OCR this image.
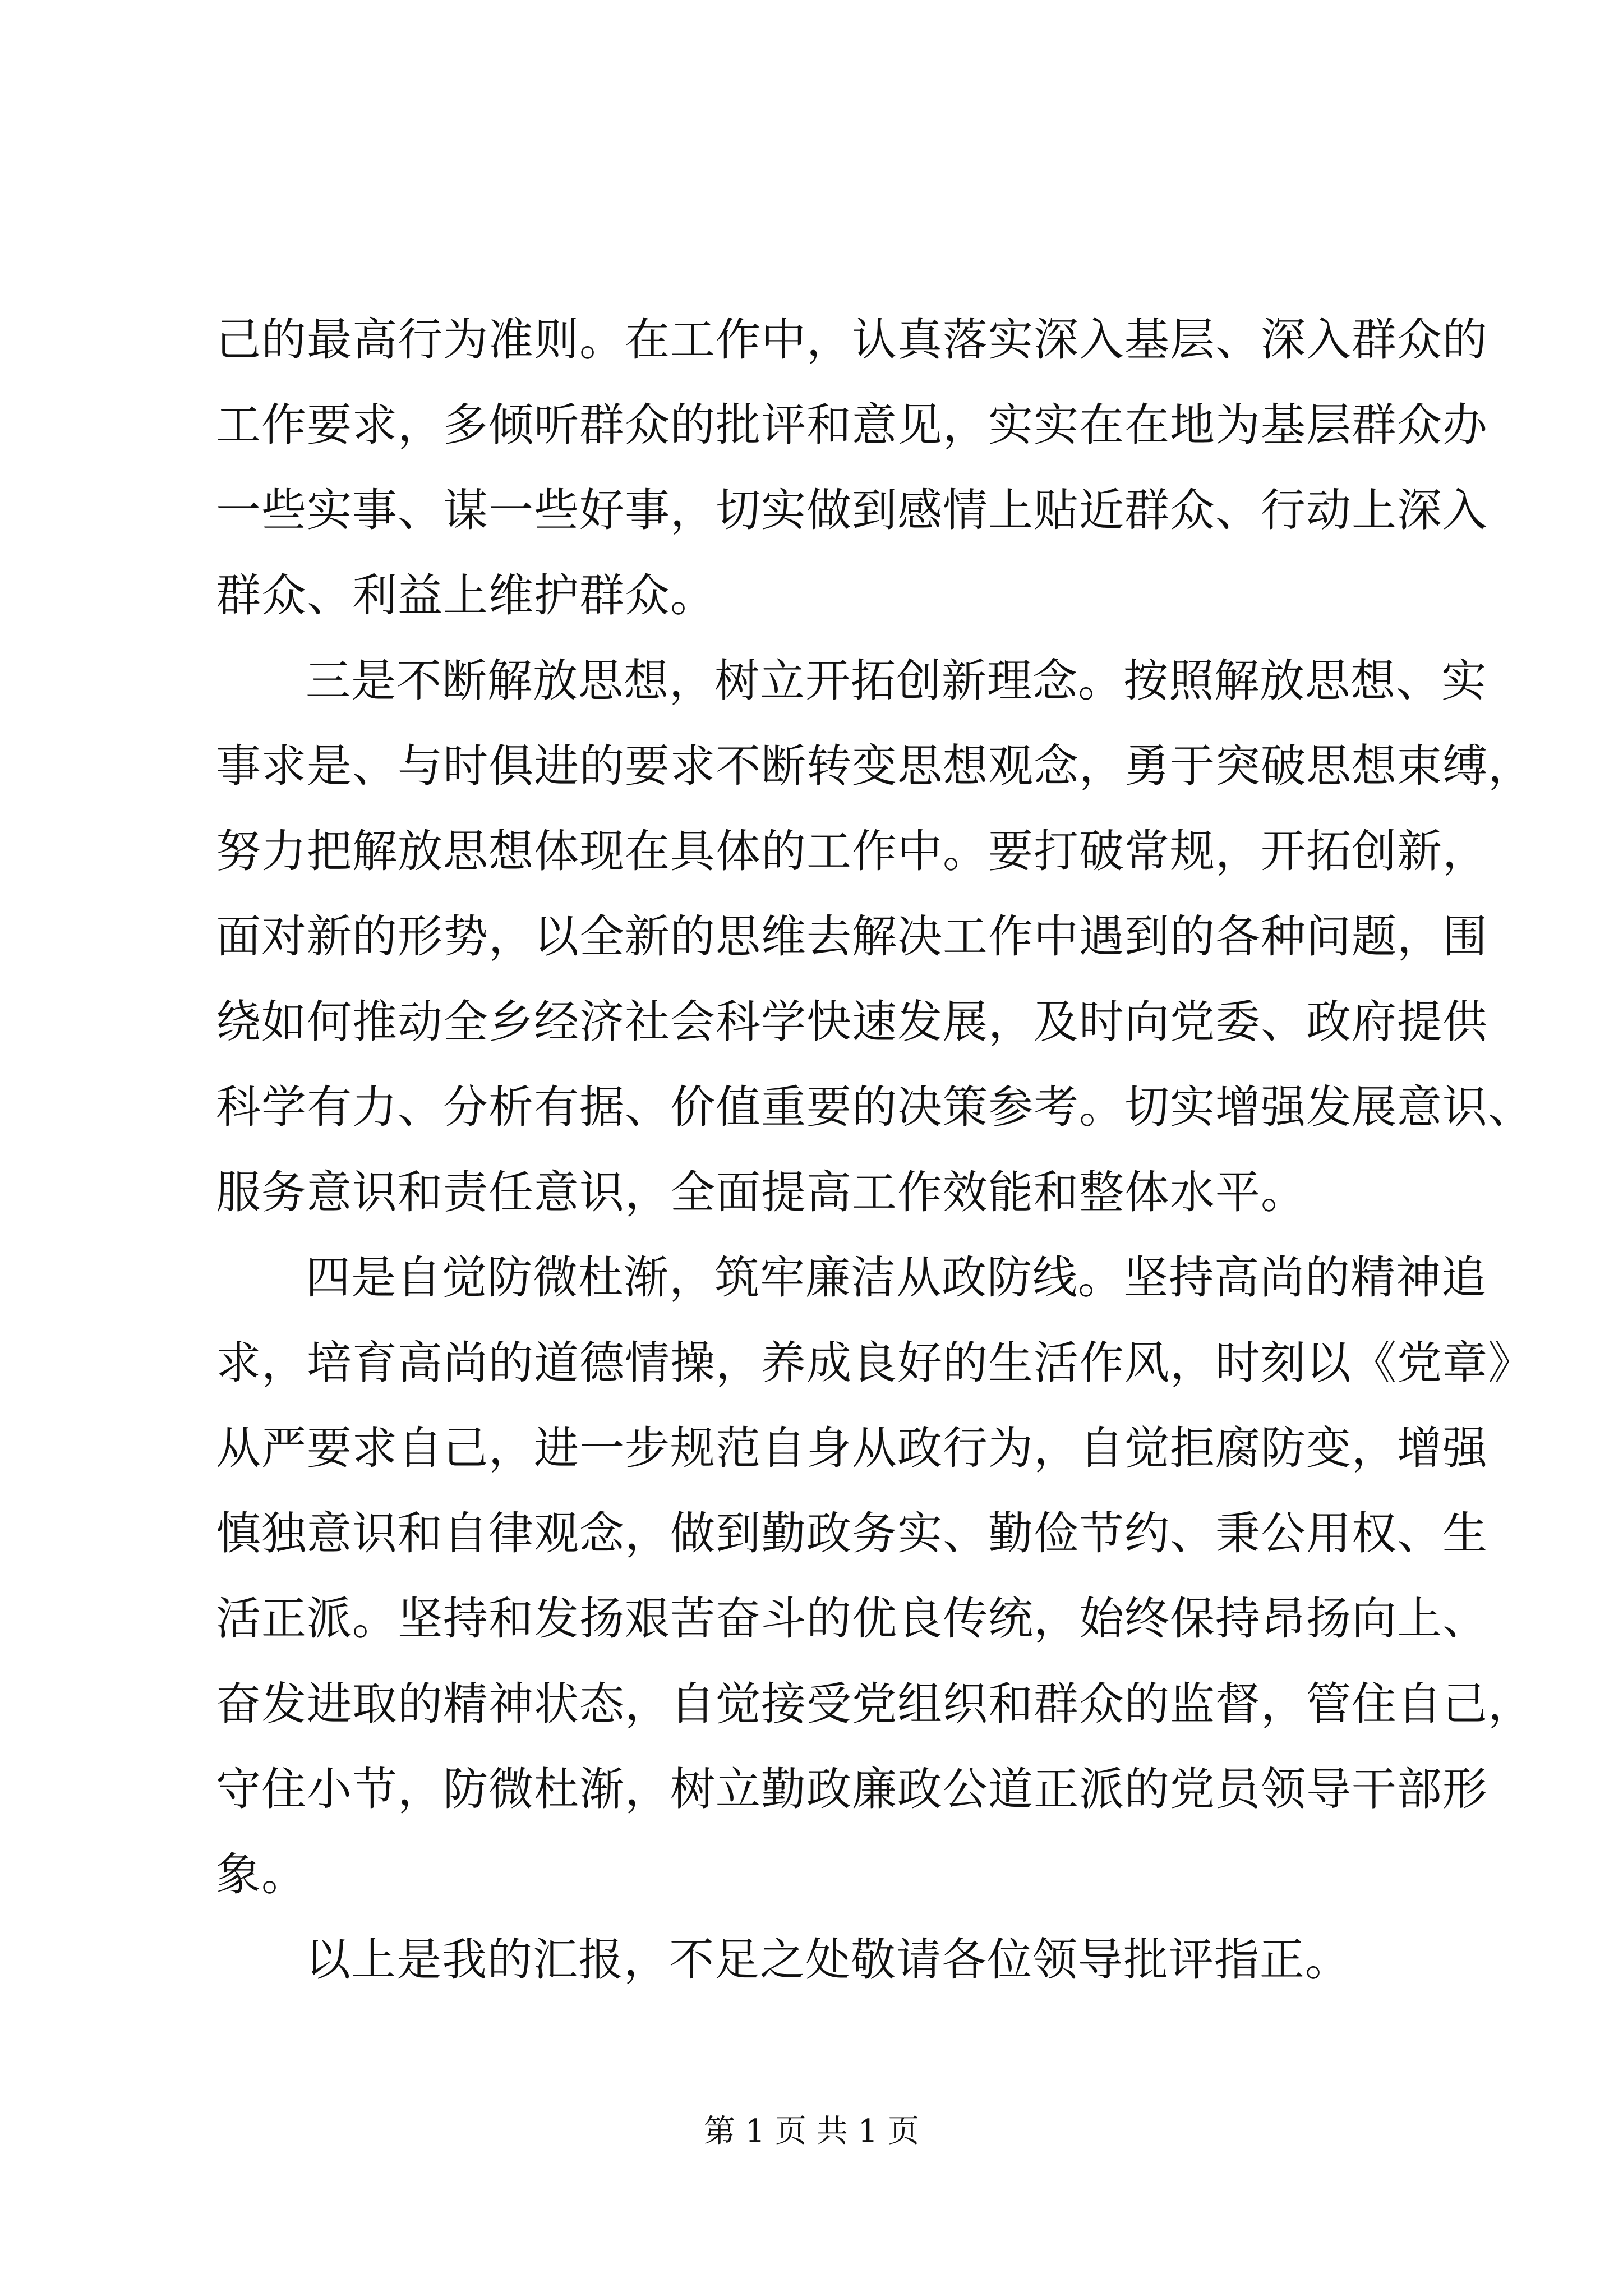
己的最高行为准则。在工作中，认真落实深入基层、深入群众的
工作要求，多倾听群众的批评和意见，实实在在地为基层群众办
一些实事、谋一些好事，切实做到感情上贴近群众、行动上深入
群众、利益上维护群众。
三是不断解放思想，树立开拓创新理念。按照解放思想、实
事求是、与时俱进的要求不断转变思想观念，勇于突破思想束缚，
努力把解放思想体现在具体的工作中。要打破常规，开拓创新，
面对新的形势，以全新的思维去解决工作中遇到的各种问题，围
绕如何推动全乡经济社会科学快速发展，及时向党委、政府提供
科学有力、分析有据、价值重要的决策参考。切实增强发展意识、
服务意识和责任意识，全面提高工作效能和整体水平。
四是自觉防微杜渐，筑牢廉洁从政防线。坚持高尚的精神追
求，培育高尚的道德情操，养成良好的生活作风，时刻以《党章》
从严要求自己，进一步规范自身从政行为，自觉拒腐防变，增强
慎独意识和自律观念，做到勤政务实、勤俭节约、秉公用权、生
活正派。坚持和发扬艰苦奋斗的优良传统，始终保持昂扬向上、
奋发进取的精神状态，自觉接受党组织和群众的监督，管住自己，
守住小节，防微杜渐，树立勤政廉政公道正派的党员领导干部形
象。
以上是我的汇报，不足之处敬请各位领导批评指正。
第 1 页 共 1 页
